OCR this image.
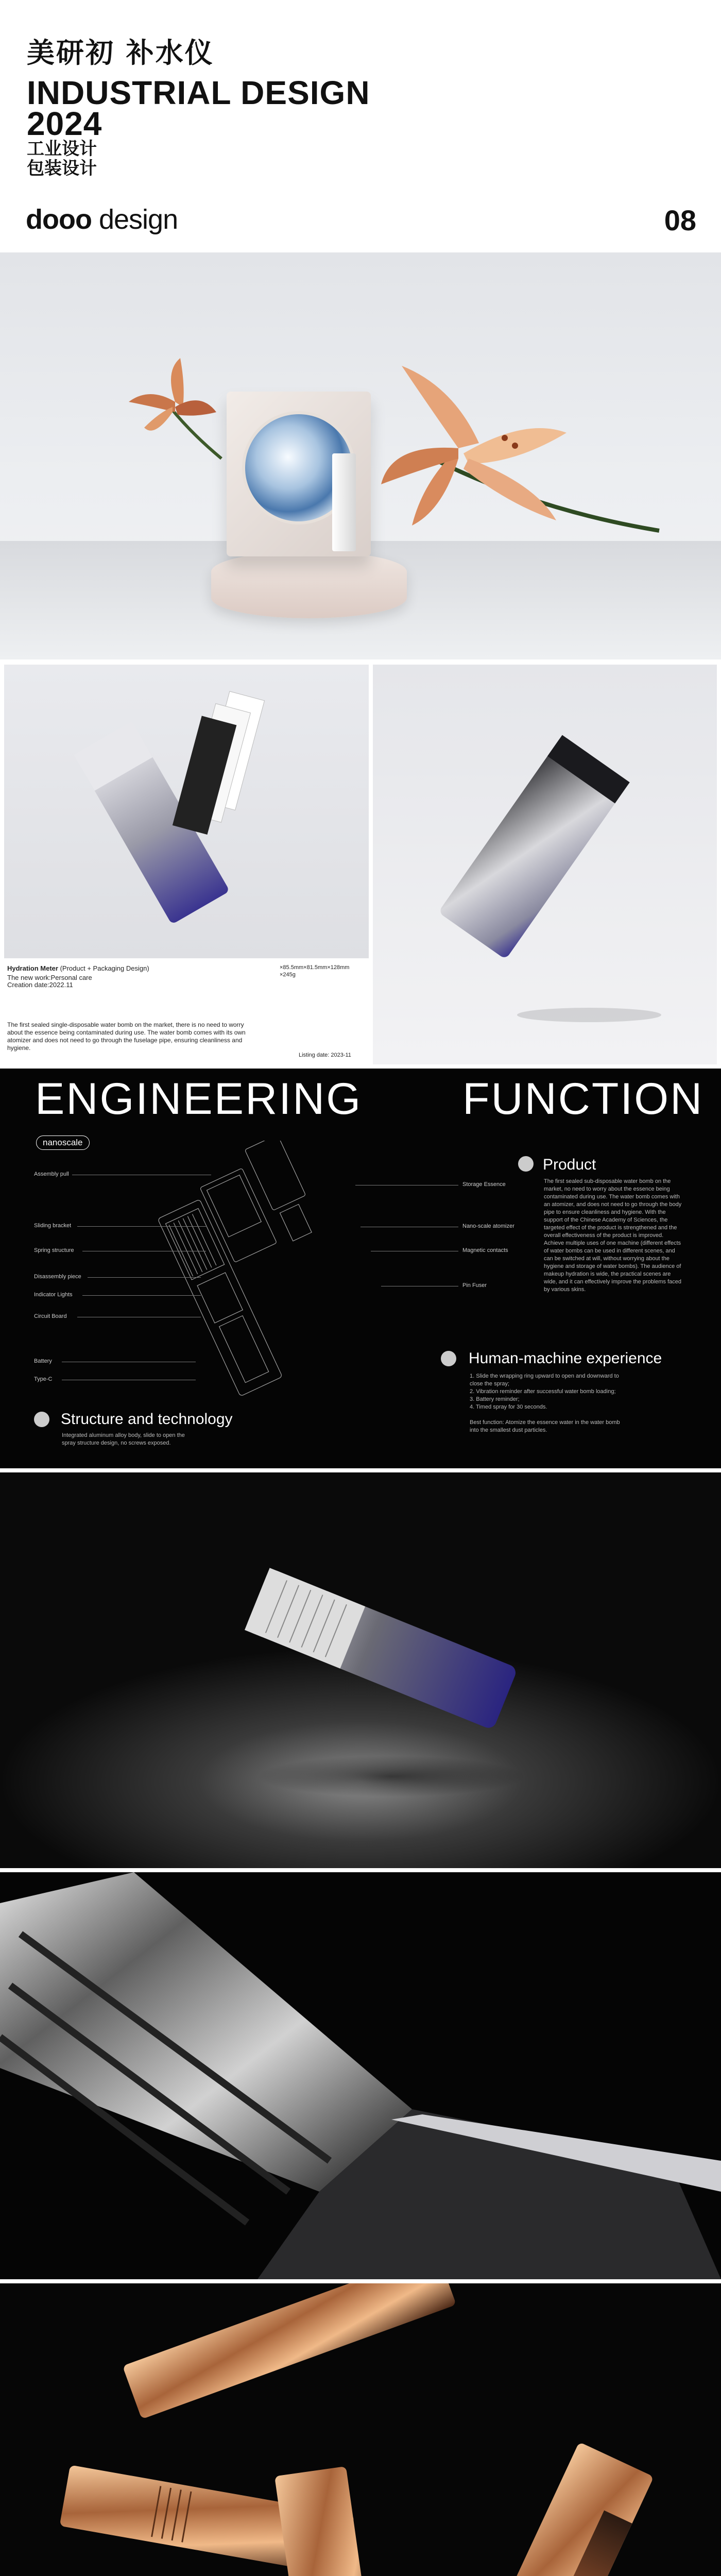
美研初 补水仪
INDUSTRIAL DESIGN
2024
工业设计
包装设计
dooo design	08
Hydration Meter (Product + Packaging Design)
The new work:Personal care
Creation date:2022.11
×85.5mm×81.5mm×128mm
×245g
The first sealed single-disposable water bomb on the market, there is no need to worry about the essence being contaminated during use. The water bomb comes with its own atomizer and does not need to go through the fuselage pipe, ensuring cleanliness and hygiene.
Listing date: 2023-11
ENGINEERING FUNCTION
nanoscale
Assembly pull
Sliding bracket
Spring structure
Disassembly piece
Indicator Lights
Circuit Board
Battery
Type-C
Storage Essence
Nano-scale atomizer
Magnetic contacts
Pin Fuser
Product
The first sealed sub-disposable water bomb on the market, no need to worry about the essence being contaminated during use. The water bomb comes with an atomizer, and does not need to go through the body pipe to ensure cleanliness and hygiene. With the support of the Chinese Academy of Sciences, the targeted effect of the product is strengthened and the overall effectiveness of the product is improved. Achieve multiple uses of one machine (different effects of water bombs can be used in different scenes, and can be switched at will, without worrying about the hygiene and storage of water bombs). The audience of makeup hydration is wide, the practical scenes are wide, and it can effectively improve the problems faced by various skins.
Human-machine experience
1. Slide the wrapping ring upward to open and downward to close the spray;
2. Vibration reminder after successful water bomb loading;
3. Battery reminder;
4. Timed spray for 30 seconds.

Best function: Atomize the essence water in the water bomb into the smallest dust particles.
Structure and technology
Integrated aluminum alloy body, slide to open the spray structure design, no screws exposed.
